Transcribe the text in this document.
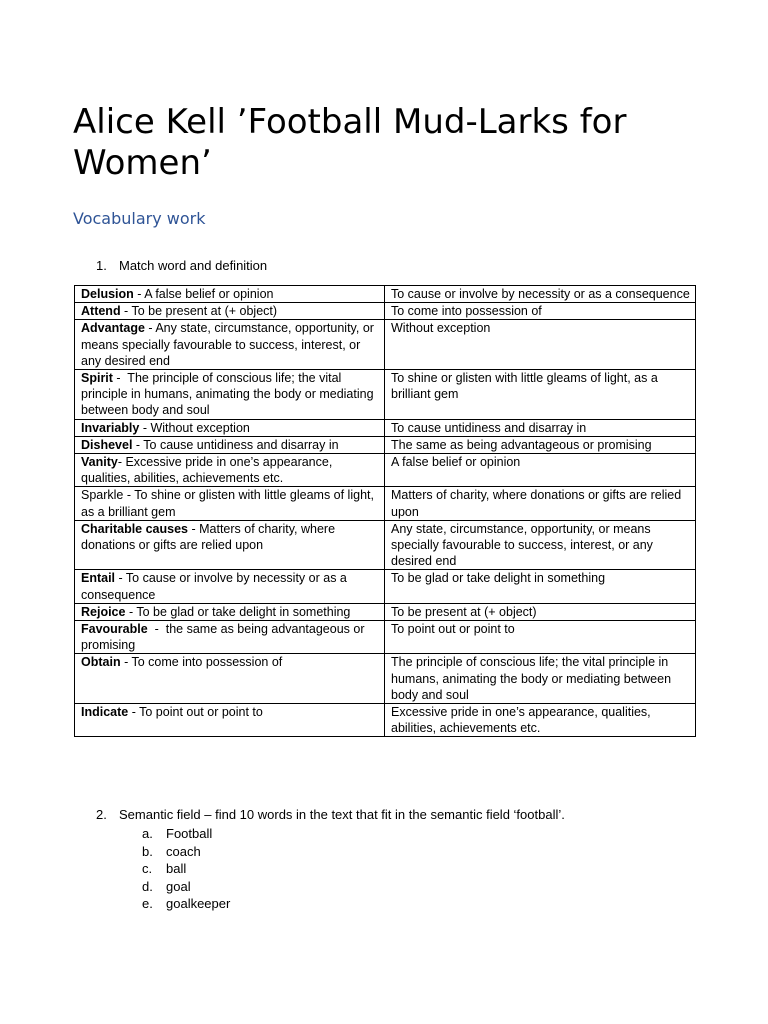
Alice Kell ’Football Mud-Larks for Women’
Vocabulary work
1. Match word and definition
Delusion - A false belief or opinion	To cause or involve by necessity or as a consequence
Attend - To be present at (+ object)	To come into possession of
Advantage - Any state, circumstance, opportunity, or means specially favourable to success, interest, or any desired end	Without exception
Spirit -  The principle of conscious life; the vital principle in humans, animating the body or mediating between body and soul	To shine or glisten with little gleams of light, as a brilliant gem
Invariably - Without exception	To cause untidiness and disarray in
Dishevel - To cause untidiness and disarray in	The same as being advantageous or promising
Vanity- Excessive pride in one’s appearance, qualities, abilities, achievements etc.	A false belief or opinion
Sparkle - To shine or glisten with little gleams of light, as a brilliant gem	Matters of charity, where donations or gifts are relied upon
Charitable causes - Matters of charity, where donations or gifts are relied upon	Any state, circumstance, opportunity, or means specially favourable to success, interest, or any desired end
Entail - To cause or involve by necessity or as a consequence	To be glad or take delight in something
Rejoice - To be glad or take delight in something	To be present at (+ object)
Favourable  -  the same as being advantageous or promising	To point out or point to
Obtain - To come into possession of	The principle of conscious life; the vital principle in humans, animating the body or mediating between body and soul
Indicate - To point out or point to	Excessive pride in one’s appearance, qualities, abilities, achievements etc.
2. Semantic field – find 10 words in the text that fit in the semantic field ‘football’.
a.	Football
b.	coach
c.	ball
d.	goal
e.	goalkeeper
